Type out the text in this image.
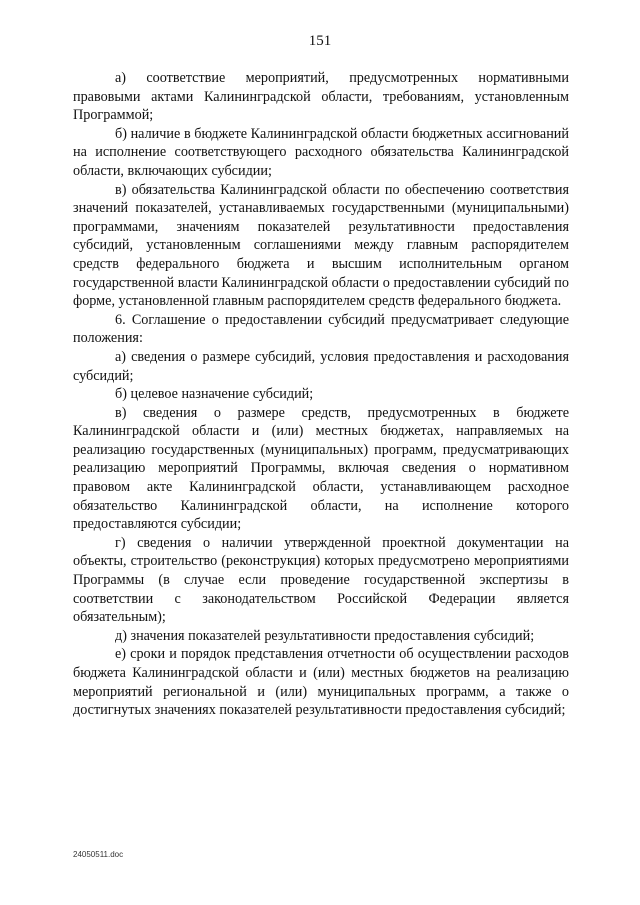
151

а) соответствие мероприятий, предусмотренных нормативными правовыми актами Калининградской области, требованиям, установленным Программой;

б) наличие в бюджете Калининградской области бюджетных ассигнований на исполнение соответствующего расходного обязательства Калининградской области, включающих субсидии;

в) обязательства Калининградской области по обеспечению соответствия значений показателей, устанавливаемых государственными (муниципальными) программами, значениям показателей результативности предоставления субсидий, установленным соглашениями между главным распорядителем средств федерального бюджета и высшим исполнительным органом государственной власти Калининградской области о предоставлении субсидий по форме, установленной главным распорядителем средств федерального бюджета.

6. Соглашение о предоставлении субсидий предусматривает следующие положения:

а) сведения о размере субсидий, условия предоставления и расходования субсидий;

б) целевое назначение субсидий;

в) сведения о размере средств, предусмотренных в бюджете Калининградской области и (или) местных бюджетах, направляемых на реализацию государственных (муниципальных) программ, предусматривающих реализацию мероприятий Программы, включая сведения о нормативном правовом акте Калининградской области, устанавливающем расходное обязательство Калининградской области, на исполнение которого предоставляются субсидии;

г) сведения о наличии утвержденной проектной документации на объекты, строительство (реконструкция) которых предусмотрено мероприятиями Программы (в случае если проведение государственной экспертизы в соответствии с законодательством Российской Федерации является обязательным);

д) значения показателей результативности предоставления субсидий;

е) сроки и порядок представления отчетности об осуществлении расходов бюджета Калининградской области и (или) местных бюджетов на реализацию мероприятий региональной и (или) муниципальных программ, а также о достигнутых значениях показателей результативности предоставления субсидий;

24050511.doc
